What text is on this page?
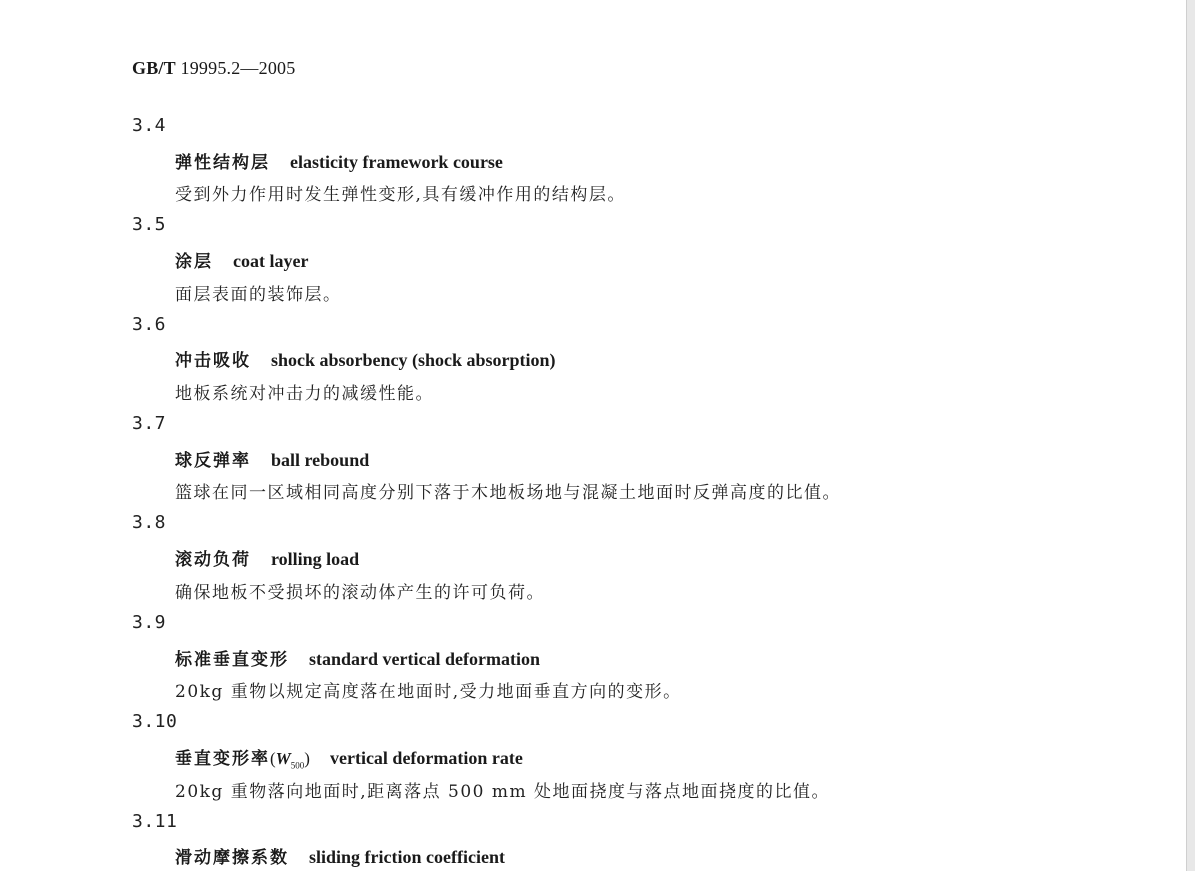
GB/T 19995.2—2005
3.4
弹性结构层 elasticity framework course
受到外力作用时发生弹性变形,具有缓冲作用的结构层。
3.5
涂层 coat layer
面层表面的装饰层。
3.6
冲击吸收 shock absorbency (shock absorption)
地板系统对冲击力的减缓性能。
3.7
球反弹率 ball rebound
篮球在同一区域相同高度分别下落于木地板场地与混凝土地面时反弹高度的比值。
3.8
滚动负荷 rolling load
确保地板不受损坏的滚动体产生的许可负荷。
3.9
标准垂直变形 standard vertical deformation
20kg 重物以规定高度落在地面时,受力地面垂直方向的变形。
3.10
垂直变形率$(W_{500})$ vertical deformation rate
20kg 重物落向地面时,距离落点 500 mm 处地面挠度与落点地面挠度的比值。
3.11
滑动摩擦系数 sliding friction coefficient
